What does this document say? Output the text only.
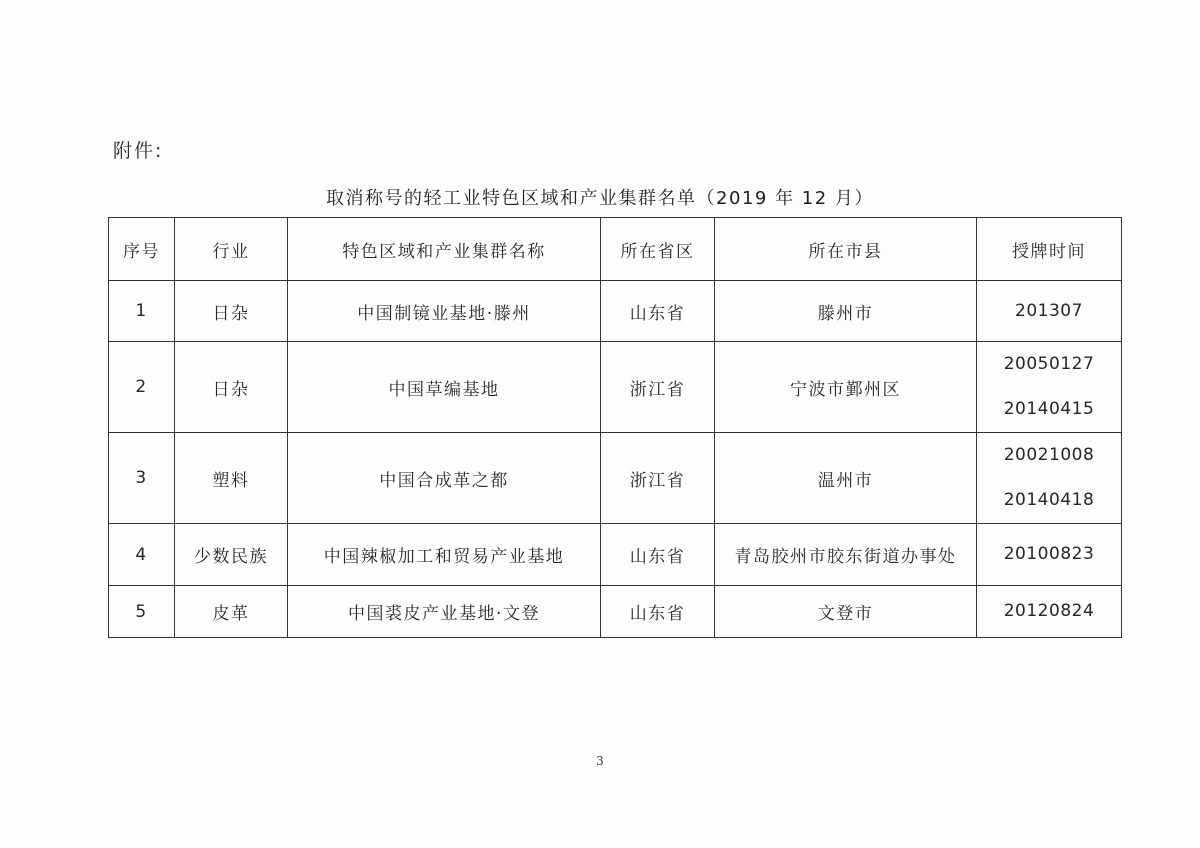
附件:
取消称号的轻工业特色区域和产业集群名单（2019 年 12 月）
序号	行业	特色区域和产业集群名称	所在省区	所在市县	授牌时间
1	日杂	中国制镜业基地·滕州	山东省	滕州市	201307

2	日杂	中国草编基地	浙江省	宁波市鄞州区	20050127
20140415

3	塑料	中国合成革之都	浙江省	温州市	20021008
20140418

4	少数民族	中国辣椒加工和贸易产业基地	山东省	青岛胶州市胶东街道办事处	20100823

5	皮革	中国裘皮产业基地·文登	山东省	文登市	20120824
3
